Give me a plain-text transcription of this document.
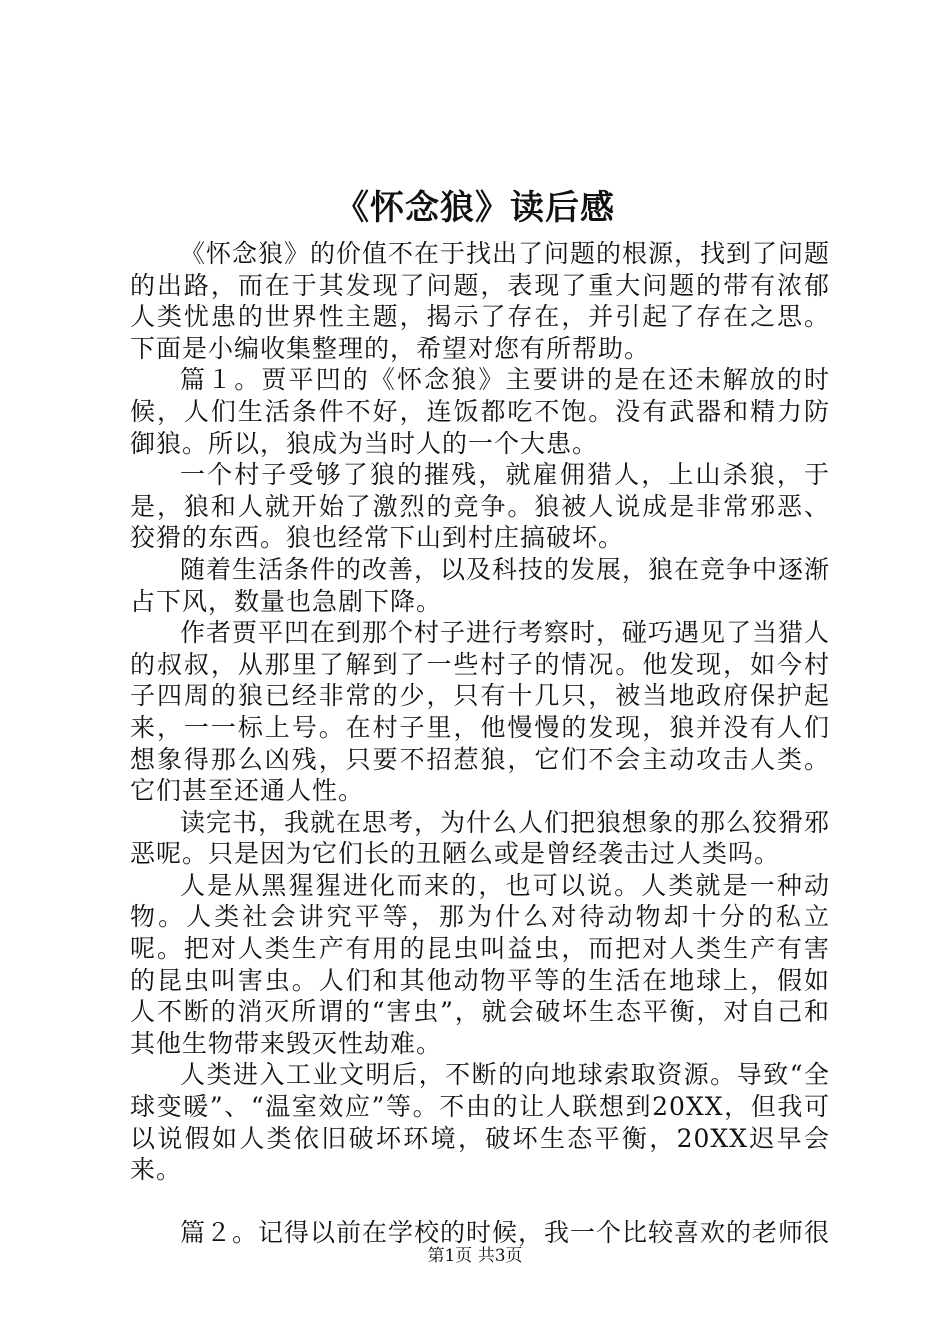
《怀念狼》读后感

《怀念狼》的价值不在于找出了问题的根源，找到了问题的出路，而在于其发现了问题，表现了重大问题的带有浓郁人类忧患的世界性主题，揭示了存在，并引起了存在之思。下面是小编收集整理的，希望对您有所帮助。

篇１。贾平凹的《怀念狼》主要讲的是在还未解放的时候，人们生活条件不好，连饭都吃不饱。没有武器和精力防御狼。所以，狼成为当时人的一个大患。

一个村子受够了狼的摧残，就雇佣猎人，上山杀狼，于是，狼和人就开始了激烈的竞争。狼被人说成是非常邪恶、狡猾的东西。狼也经常下山到村庄搞破坏。

随着生活条件的改善，以及科技的发展，狼在竞争中逐渐占下风，数量也急剧下降。

作者贾平凹在到那个村子进行考察时，碰巧遇见了当猎人的叔叔，从那里了解到了一些村子的情况。他发现，如今村子四周的狼已经非常的少，只有十几只，被当地政府保护起来，一一标上号。在村子里，他慢慢的发现，狼并没有人们想象得那么凶残，只要不招惹狼，它们不会主动攻击人类。它们甚至还通人性。

读完书，我就在思考，为什么人们把狼想象的那么狡猾邪恶呢。只是因为它们长的丑陋么或是曾经袭击过人类吗。

人是从黑猩猩进化而来的，也可以说。人类就是一种动物。人类社会讲究平等，那为什么对待动物却十分的私立呢。把对人类生产有用的昆虫叫益虫，而把对人类生产有害的昆虫叫害虫。人们和其他动物平等的生活在地球上，假如人不断的消灭所谓的“害虫”，就会破坏生态平衡，对自己和其他生物带来毁灭性劫难。

人类进入工业文明后，不断的向地球索取资源。导致“全球变暖”、“温室效应”等。不由的让人联想到20XX，但我可以说假如人类依旧破坏环境，破坏生态平衡，20XX迟早会来。

篇２。记得以前在学校的时候，我一个比较喜欢的老师很

第1页 共3页
